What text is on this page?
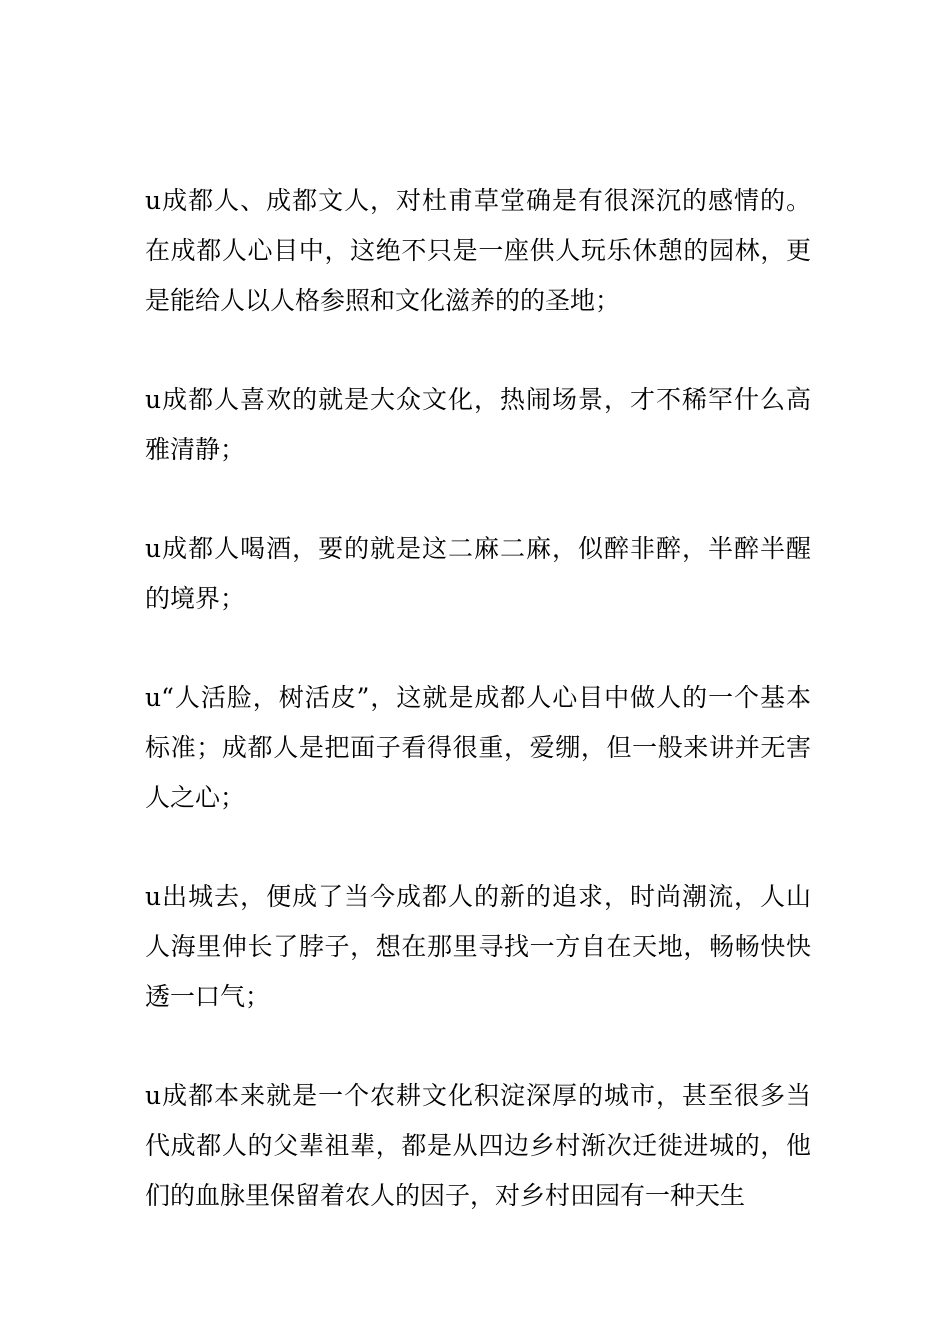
u成都人、成都文人，对杜甫草堂确是有很深沉的感情的。在成都人心目中，这绝不只是一座供人玩乐休憩的园林，更是能给人以人格参照和文化滋养的的圣地；

u成都人喜欢的就是大众文化，热闹场景，才不稀罕什么高雅清静；

u成都人喝酒，要的就是这二麻二麻，似醉非醉，半醉半醒的境界；

u“人活脸，树活皮”，这就是成都人心目中做人的一个基本标准；成都人是把面子看得很重，爱绷，但一般来讲并无害人之心；

u出城去，便成了当今成都人的新的追求，时尚潮流，人山人海里伸长了脖子，想在那里寻找一方自在天地，畅畅快快透一口气；

u成都本来就是一个农耕文化积淀深厚的城市，甚至很多当代成都人的父辈祖辈，都是从四边乡村渐次迁徙进城的，他们的血脉里保留着农人的因子，对乡村田园有一种天生
